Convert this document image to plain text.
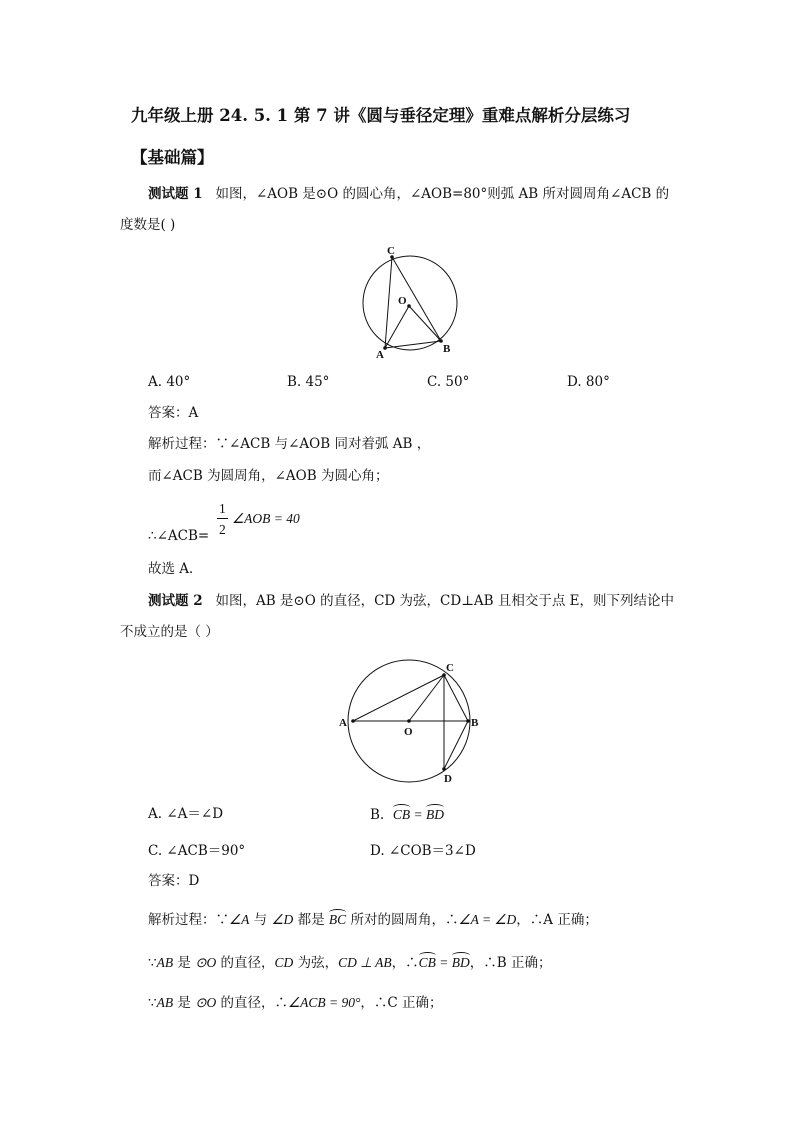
九年级上册 24. 5. 1 第 7 讲《圆与垂径定理》重难点解析分层练习
【基础篇】
测试题 1 如图，∠AOB 是⊙O 的圆心角，∠AOB=80°则弧 AB 所对圆周角∠ACB 的
度数是( )
C
O
A	B
A. 40°	B. 45°	C. 50°	D. 80°
答案：A
解析过程：∵∠ACB 与∠AOB 同对着弧 AB ，
而∠ACB 为圆周角，∠AOB 为圆心角；
1
2
∴∠ACB=
∠AOB = 40
故选 A．
测试题 2 如图，AB 是⊙O 的直径，CD 为弦，CD⊥AB 且相交于点 E，则下列结论中
不成立的是（ ）
C
A
O
B
D
A. ∠A＝∠D	B. CB = BD
C. ∠ACB＝90°	D. ∠COB＝3∠D
答案：D
解析过程：∵∠A 与 ∠D 都是 BC 所对的圆周角，∴∠A = ∠D，∴A 正确；
∵AB 是 ⊙O 的直径，CD 为弦，CD ⊥ AB，∴CB = BD，∴B 正确；
∵AB 是 ⊙O 的直径，∴∠ACB = 90°，∴C 正确；
